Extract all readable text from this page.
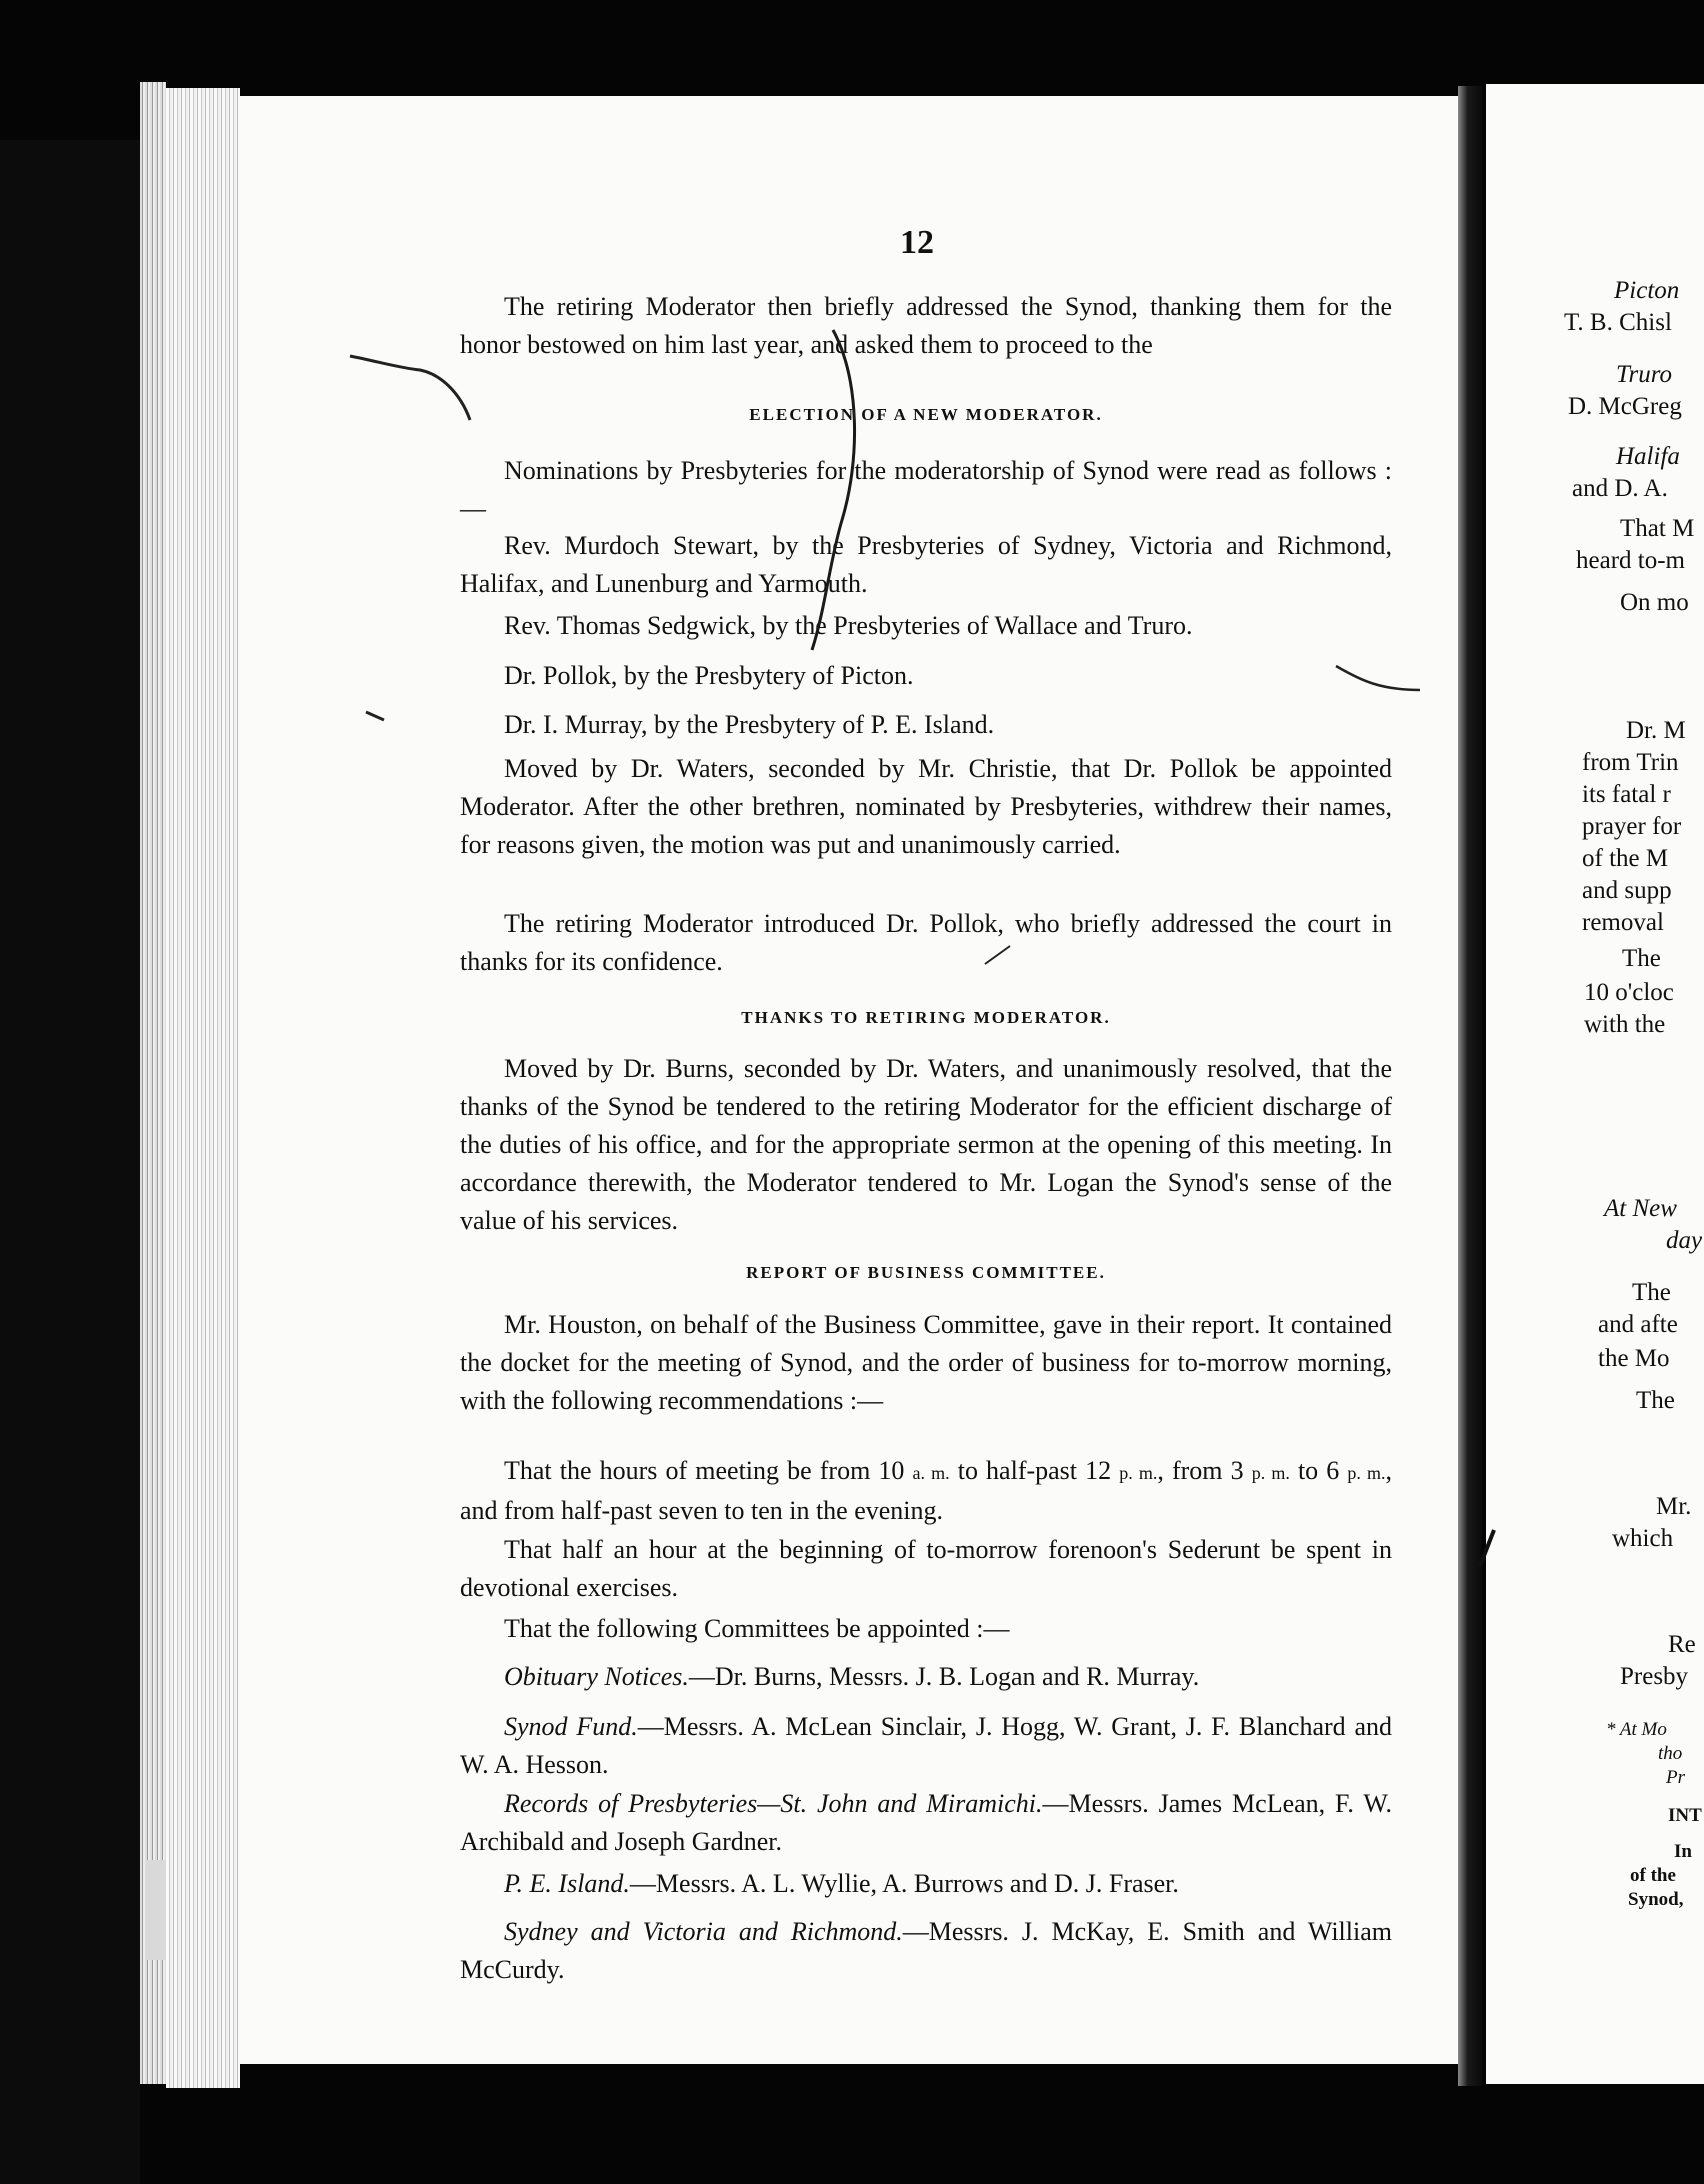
12

The retiring Moderator then briefly addressed the Synod, thanking them for the honor bestowed on him last year, and asked them to proceed to the

ELECTION OF A NEW MODERATOR.

Nominations by Presbyteries for the moderatorship of Synod were read as follows :—

Rev. Murdoch Stewart, by the Presbyteries of Sydney, Victoria and Richmond, Halifax, and Lunenburg and Yarmouth.

Rev. Thomas Sedgwick, by the Presbyteries of Wallace and Truro.

Dr. Pollok, by the Presbytery of Picton.

Dr. I. Murray, by the Presbytery of P. E. Island.

Moved by Dr. Waters, seconded by Mr. Christie, that Dr. Pollok be appointed Moderator. After the other brethren, nominated by Presbyteries, withdrew their names, for reasons given, the motion was put and unanimously carried.

The retiring Moderator introduced Dr. Pollok, who briefly addressed the court in thanks for its confidence.

THANKS TO RETIRING MODERATOR.

Moved by Dr. Burns, seconded by Dr. Waters, and unanimously resolved, that the thanks of the Synod be tendered to the retiring Moderator for the efficient discharge of the duties of his office, and for the appropriate sermon at the opening of this meeting. In accordance therewith, the Moderator tendered to Mr. Logan the Synod's sense of the value of his services.

REPORT OF BUSINESS COMMITTEE.

Mr. Houston, on behalf of the Business Committee, gave in their report. It contained the docket for the meeting of Synod, and the order of business for to-morrow morning, with the following recommendations :—

That the hours of meeting be from 10 a. m. to half-past 12 p. m., from 3 p. m. to 6 p. m., and from half-past seven to ten in the evening.

That half an hour at the beginning of to-morrow forenoon's Sederunt be spent in devotional exercises.

That the following Committees be appointed :—

Obituary Notices.—Dr. Burns, Messrs. J. B. Logan and R. Murray.

Synod Fund.—Messrs. A. McLean Sinclair, J. Hogg, W. Grant, J. F. Blanchard and W. A. Hesson.

Records of Presbyteries—St. John and Miramichi.—Messrs. James McLean, F. W. Archibald and Joseph Gardner.

P. E. Island.—Messrs. A. L. Wyllie, A. Burrows and D. J. Fraser.

Sydney and Victoria and Richmond.—Messrs. J. McKay, E. Smith and William McCurdy.

Picton
T. B. Chisl
Truro
D. McGreg
Halifa
and D. A.
That M
heard to-m
On mo
Dr. M
from Trin
its fatal r
prayer for
of the M
and supp
removal
The
10 o'cloc
with the
At New
day
The
and afte
the Mo
The
Mr.
which
Re
Presby
* At Mo
tho
Pr
INT
In
of the
Synod,
